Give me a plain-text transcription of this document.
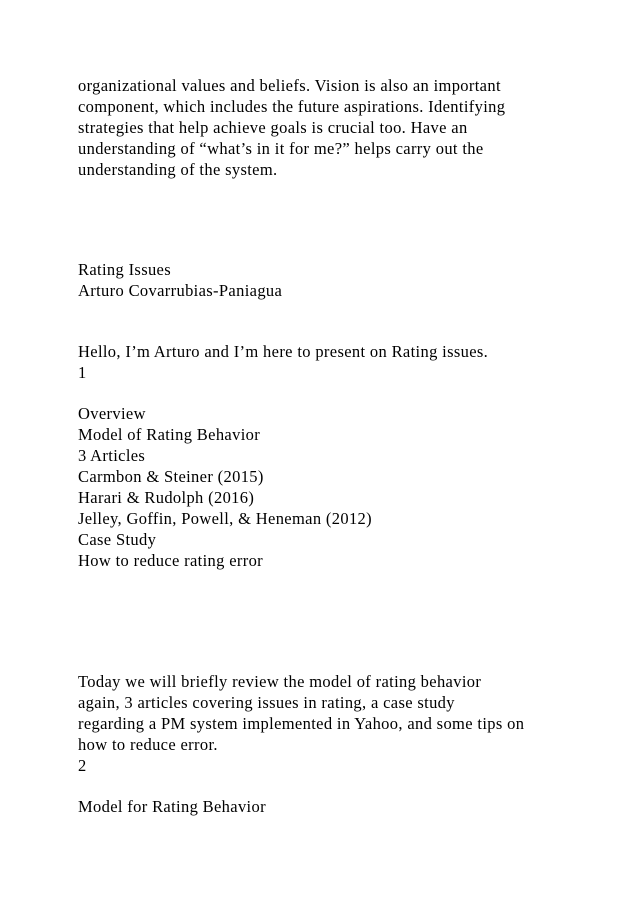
organizational values and beliefs. Vision is also an important

component, which includes the future aspirations. Identifying

strategies that help achieve goals is crucial too. Have an

understanding of “what’s in it for me?” helps carry out the

understanding of the system.

Rating Issues

Arturo Covarrubias-Paniagua

Hello, I’m Arturo and I’m here to present on Rating issues.

1

Overview

Model of Rating Behavior

3 Articles

Carmbon & Steiner (2015)

Harari & Rudolph (2016)

Jelley, Goffin, Powell, & Heneman (2012)

Case Study

How to reduce rating error

Today we will briefly review the model of rating behavior

again, 3 articles covering issues in rating, a case study

regarding a PM system implemented in Yahoo, and some tips on

how to reduce error.

2

Model for Rating Behavior
